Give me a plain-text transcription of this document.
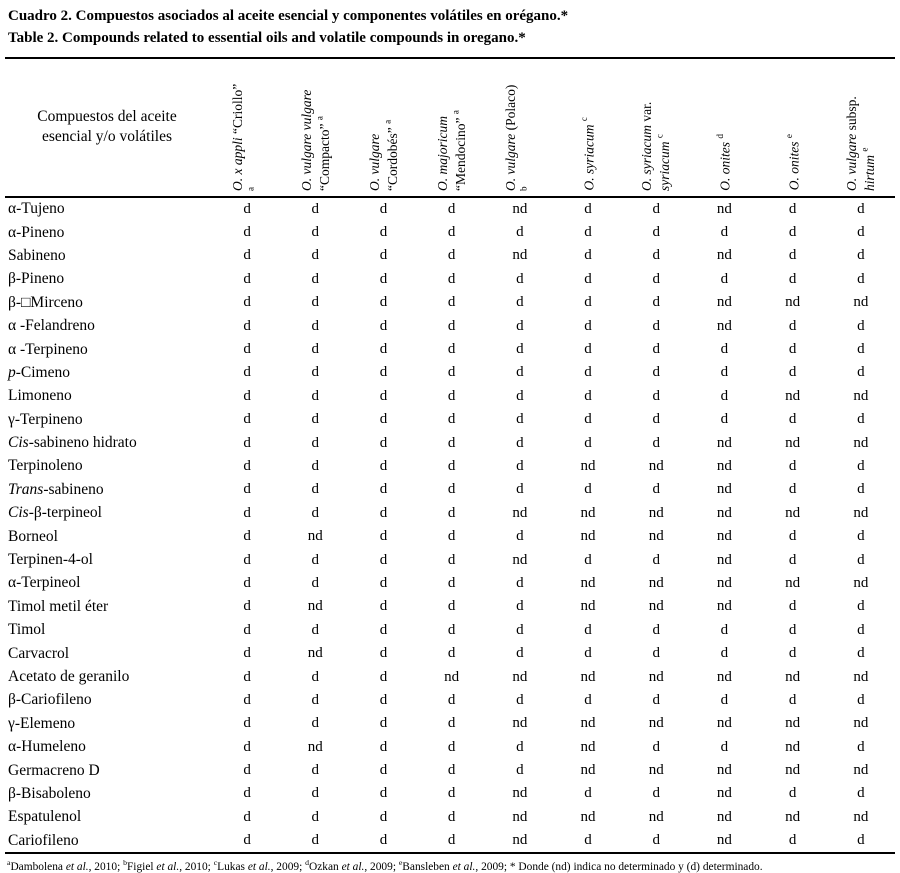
Cuadro 2. Compuestos asociados al aceite esencial y componentes volátiles en orégano.*
Table 2. Compounds related to essential oils and volatile compounds in oregano.*
Compuestos del aceite esencial y/o volátiles	O. x appli “Criollo” $^a$	O. vulgare vulgare “Compacto” $^a$	O. vulgare “Cordobés” $^a$	O. majoricum “Mendocino” $^a$	O. vulgare (Polaco) $^b$	O. syriacum $^c$	O. syriacum var. syriacum $^c$	O. onites $^d$	O. onites $^e$	O. vulgare subsp. hirtum $^e$
α-Tujeno	d	d	d	d	nd	d	d	nd	d	d
α-Pineno	d	d	d	d	d	d	d	d	d	d
Sabineno	d	d	d	d	nd	d	d	nd	d	d
β-Pineno	d	d	d	d	d	d	d	d	d	d
β-□Mirceno	d	d	d	d	d	d	d	nd	nd	nd
α -Felandreno	d	d	d	d	d	d	d	nd	d	d
α -Terpineno	d	d	d	d	d	d	d	d	d	d
p-Cimeno	d	d	d	d	d	d	d	d	d	d
Limoneno	d	d	d	d	d	d	d	d	nd	nd
γ-Terpineno	d	d	d	d	d	d	d	d	d	d
Cis-sabineno hidrato	d	d	d	d	d	d	d	nd	nd	nd
Terpinoleno	d	d	d	d	d	nd	nd	nd	d	d
Trans-sabineno	d	d	d	d	d	d	d	nd	d	d
Cis-β-terpineol	d	d	d	d	nd	nd	nd	nd	nd	nd
Borneol	d	nd	d	d	d	nd	nd	nd	d	d
Terpinen-4-ol	d	d	d	d	nd	d	d	nd	d	d
α-Terpineol	d	d	d	d	d	nd	nd	nd	nd	nd
Timol metil éter	d	nd	d	d	d	nd	nd	nd	d	d
Timol	d	d	d	d	d	d	d	d	d	d
Carvacrol	d	nd	d	d	d	d	d	d	d	d
Acetato de geranilo	d	d	d	nd	nd	nd	nd	nd	nd	nd
β-Cariofileno	d	d	d	d	d	d	d	d	d	d
γ-Elemeno	d	d	d	d	nd	nd	nd	nd	nd	nd
α-Humeleno	d	nd	d	d	d	nd	d	d	nd	d
Germacreno D	d	d	d	d	d	nd	nd	nd	nd	nd
β-Bisaboleno	d	d	d	d	nd	d	d	nd	d	d
Espatulenol	d	d	d	d	nd	nd	nd	nd	nd	nd
Cariofileno	d	d	d	d	nd	d	d	nd	d	d
$^a$Dambolena et al., 2010; $^b$Figiel et al., 2010; $^c$Lukas et al., 2009; $^d$Ozkan et al., 2009; $^e$Bansleben et al., 2009; * Donde (nd) indica no determinado y (d) determinado.
